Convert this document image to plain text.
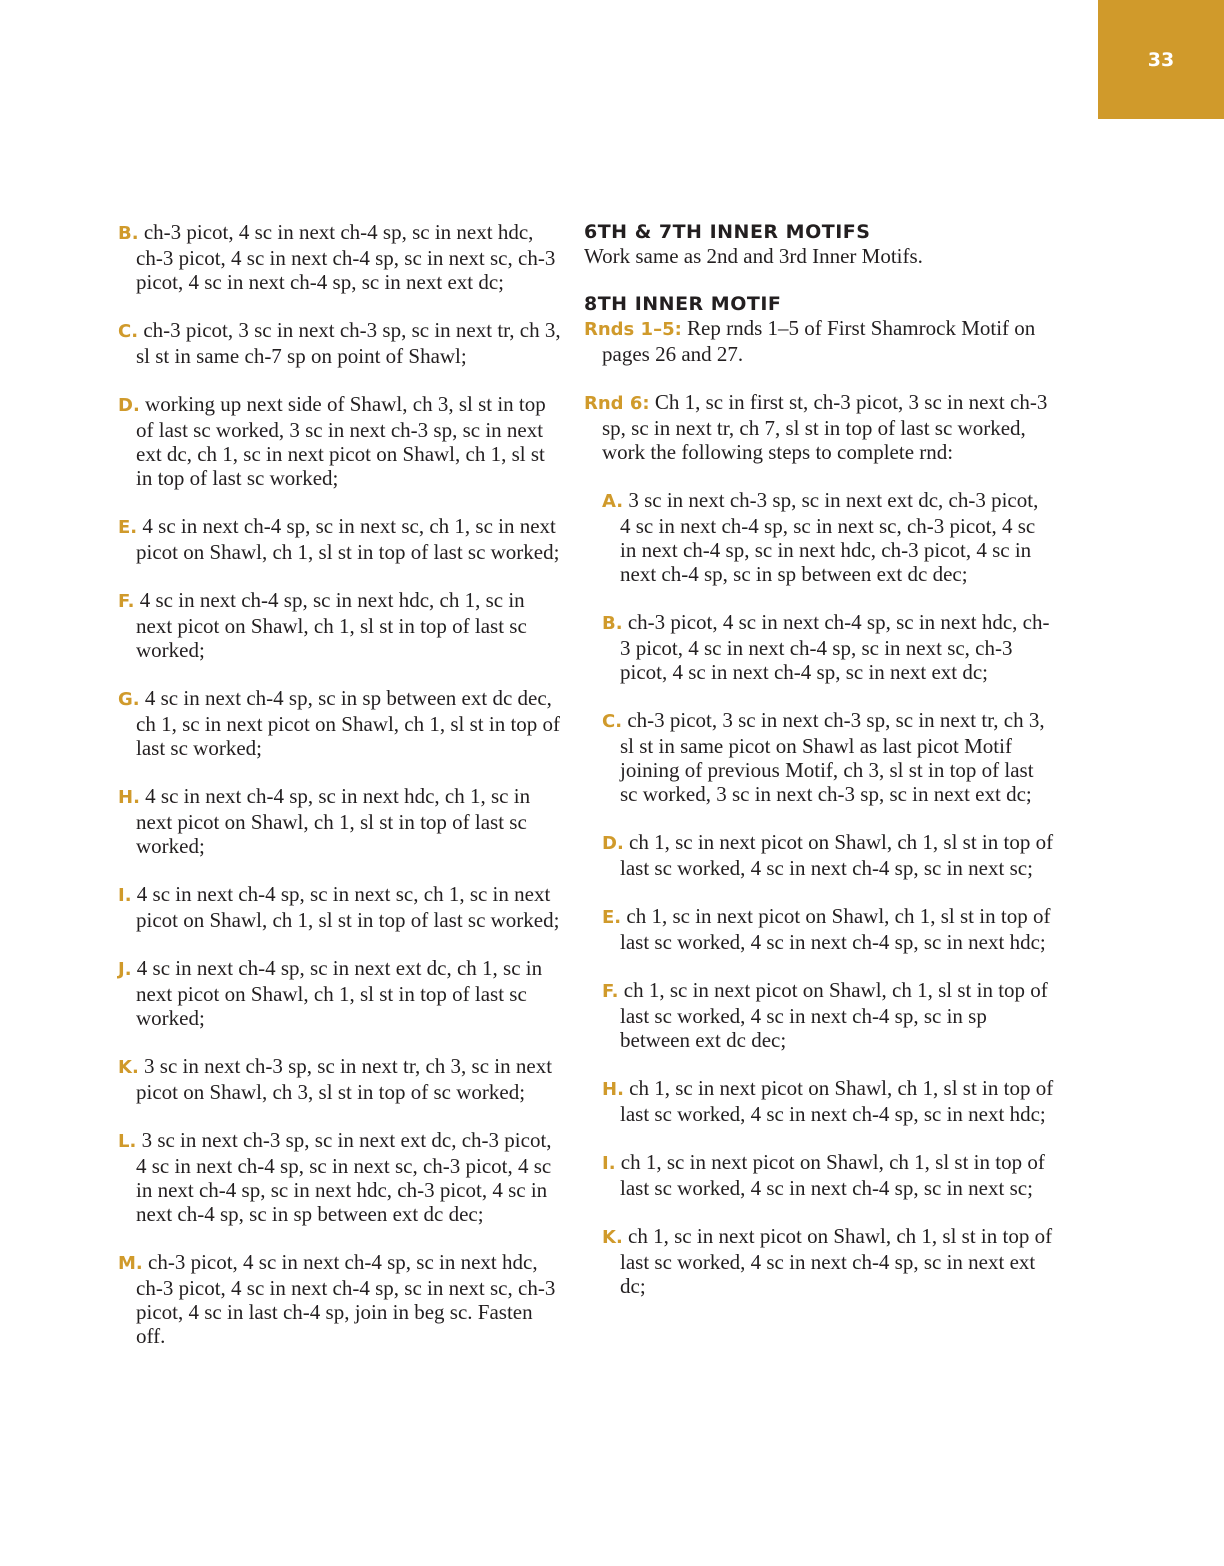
33

B. ch-3 picot, 4 sc in next ch-4 sp, sc in next hdc, ch-3 picot, 4 sc in next ch-4 sp, sc in next sc, ch-3 picot, 4 sc in next ch-4 sp, sc in next ext dc;

C. ch-3 picot, 3 sc in next ch-3 sp, sc in next tr, ch 3, sl st in same ch-7 sp on point of Shawl;

D. working up next side of Shawl, ch 3, sl st in top of last sc worked, 3 sc in next ch-3 sp, sc in next ext dc, ch 1, sc in next picot on Shawl, ch 1, sl st in top of last sc worked;

E. 4 sc in next ch-4 sp, sc in next sc, ch 1, sc in next picot on Shawl, ch 1, sl st in top of last sc worked;

F. 4 sc in next ch-4 sp, sc in next hdc, ch 1, sc in next picot on Shawl, ch 1, sl st in top of last sc worked;

G. 4 sc in next ch-4 sp, sc in sp between ext dc dec, ch 1, sc in next picot on Shawl, ch 1, sl st in top of last sc worked;

H. 4 sc in next ch-4 sp, sc in next hdc, ch 1, sc in next picot on Shawl, ch 1, sl st in top of last sc worked;

I. 4 sc in next ch-4 sp, sc in next sc, ch 1, sc in next picot on Shawl, ch 1, sl st in top of last sc worked;

J. 4 sc in next ch-4 sp, sc in next ext dc, ch 1, sc in next picot on Shawl, ch 1, sl st in top of last sc worked;

K. 3 sc in next ch-3 sp, sc in next tr, ch 3, sc in next picot on Shawl, ch 3, sl st in top of sc worked;

L. 3 sc in next ch-3 sp, sc in next ext dc, ch-3 picot, 4 sc in next ch-4 sp, sc in next sc, ch-3 picot, 4 sc in next ch-4 sp, sc in next hdc, ch-3 picot, 4 sc in next ch-4 sp, sc in sp between ext dc dec;

M. ch-3 picot, 4 sc in next ch-4 sp, sc in next hdc, ch-3 picot, 4 sc in next ch-4 sp, sc in next sc, ch-3 picot, 4 sc in last ch-4 sp, join in beg sc. Fasten off.

6TH & 7TH INNER MOTIFS

Work same as 2nd and 3rd Inner Motifs.

8TH INNER MOTIF

Rnds 1–5: Rep rnds 1–5 of First Shamrock Motif on pages 26 and 27.

Rnd 6: Ch 1, sc in first st, ch-3 picot, 3 sc in next ch-3 sp, sc in next tr, ch 7, sl st in top of last sc worked, work the following steps to complete rnd:

A. 3 sc in next ch-3 sp, sc in next ext dc, ch-3 picot, 4 sc in next ch-4 sp, sc in next sc, ch-3 picot, 4 sc in next ch-4 sp, sc in next hdc, ch-3 picot, 4 sc in next ch-4 sp, sc in sp between ext dc dec;

B. ch-3 picot, 4 sc in next ch-4 sp, sc in next hdc, ch-3 picot, 4 sc in next ch-4 sp, sc in next sc, ch-3 picot, 4 sc in next ch-4 sp, sc in next ext dc;

C. ch-3 picot, 3 sc in next ch-3 sp, sc in next tr, ch 3, sl st in same picot on Shawl as last picot Motif joining of previous Motif, ch 3, sl st in top of last sc worked, 3 sc in next ch-3 sp, sc in next ext dc;

D. ch 1, sc in next picot on Shawl, ch 1, sl st in top of last sc worked, 4 sc in next ch-4 sp, sc in next sc;

E. ch 1, sc in next picot on Shawl, ch 1, sl st in top of last sc worked, 4 sc in next ch-4 sp, sc in next hdc;

F. ch 1, sc in next picot on Shawl, ch 1, sl st in top of last sc worked, 4 sc in next ch-4 sp, sc in sp between ext dc dec;

H. ch 1, sc in next picot on Shawl, ch 1, sl st in top of last sc worked, 4 sc in next ch-4 sp, sc in next hdc;

I. ch 1, sc in next picot on Shawl, ch 1, sl st in top of last sc worked, 4 sc in next ch-4 sp, sc in next sc;

K. ch 1, sc in next picot on Shawl, ch 1, sl st in top of last sc worked, 4 sc in next ch-4 sp, sc in next ext dc;
